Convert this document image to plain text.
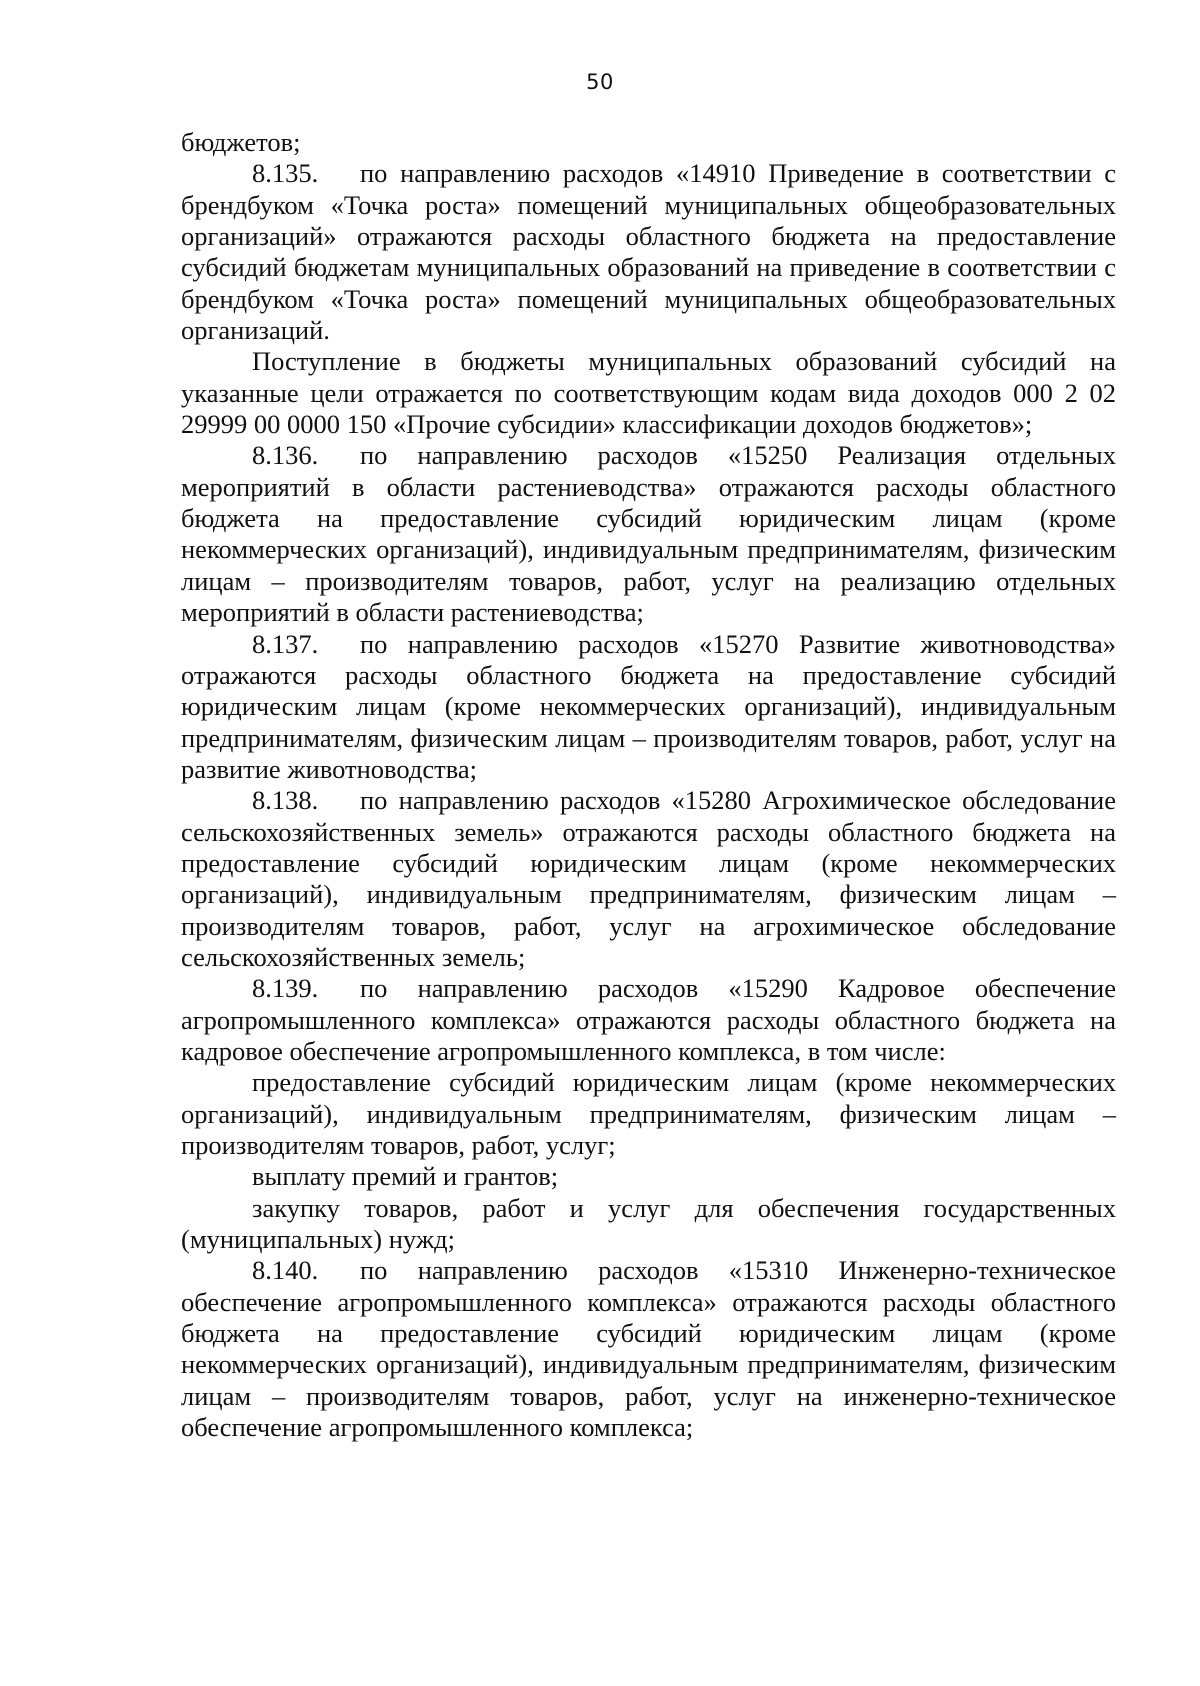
50

бюджетов;

8.135. по направлению расходов «14910 Приведение в соответствии с брендбуком «Точка роста» помещений муниципальных общеобразовательных организаций» отражаются расходы областного бюджета на предоставление субсидий бюджетам муниципальных образований на приведение в соответствии с брендбуком «Точка роста» помещений муниципальных общеобразовательных организаций.

Поступление в бюджеты муниципальных образований субсидий на указанные цели отражается по соответствующим кодам вида доходов 000 2 02 29999 00 0000 150 «Прочие субсидии» классификации доходов бюджетов»;

8.136. по направлению расходов «15250 Реализация отдельных мероприятий в области растениеводства» отражаются расходы областного бюджета на предоставление субсидий юридическим лицам (кроме некоммерческих организаций), индивидуальным предпринимателям, физическим лицам – производителям товаров, работ, услуг на реализацию отдельных мероприятий в области растениеводства;

8.137. по направлению расходов «15270 Развитие животноводства» отражаются расходы областного бюджета на предоставление субсидий юридическим лицам (кроме некоммерческих организаций), индивидуальным предпринимателям, физическим лицам – производителям товаров, работ, услуг на развитие животноводства;

8.138. по направлению расходов «15280 Агрохимическое обследование сельскохозяйственных земель» отражаются расходы областного бюджета на предоставление субсидий юридическим лицам (кроме некоммерческих организаций), индивидуальным предпринимателям, физическим лицам – производителям товаров, работ, услуг на агрохимическое обследование сельскохозяйственных земель;

8.139. по направлению расходов «15290 Кадровое обеспечение агропромышленного комплекса» отражаются расходы областного бюджета на кадровое обеспечение агропромышленного комплекса, в том числе:

предоставление субсидий юридическим лицам (кроме некоммерческих организаций), индивидуальным предпринимателям, физическим лицам – производителям товаров, работ, услуг;

выплату премий и грантов;

закупку товаров, работ и услуг для обеспечения государственных (муниципальных) нужд;

8.140. по направлению расходов «15310 Инженерно-техническое обеспечение агропромышленного комплекса» отражаются расходы областного бюджета на предоставление субсидий юридическим лицам (кроме некоммерческих организаций), индивидуальным предпринимателям, физическим лицам – производителям товаров, работ, услуг на инженерно-техническое обеспечение агропромышленного комплекса;
